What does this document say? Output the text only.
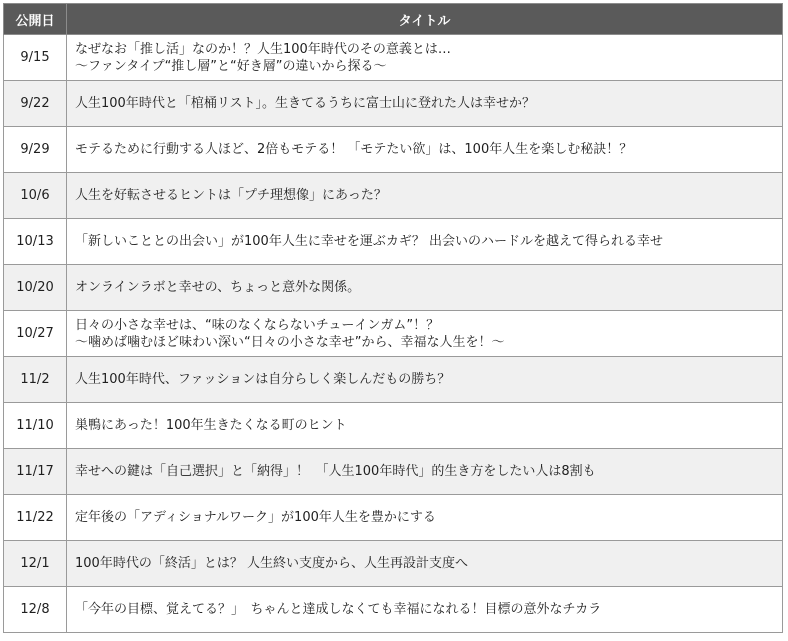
公開日	タイトル
9/15	なぜなお「推し活」なのか！？人生100年時代のその意義とは…
～ファンタイプ“推し層”と“好き層”の違いから探る～

9/22	人生100年時代と「棺桶リスト」。生きてるうちに富士山に登れた人は幸せか？

9/29	モテるために行動する人ほど、2倍もモテる！ 「モテたい欲」は、100年人生を楽しむ秘訣！？

10/6	人生を好転させるヒントは「プチ理想像」にあった？

10/13	「新しいこととの出会い」が100年人生に幸せを運ぶカギ？ 出会いのハードルを越えて得られる幸せ

10/20	オンラインラボと幸せの、ちょっと意外な関係。

10/27	日々の小さな幸せは、“味のなくならないチューインガム”！？
～噛めば噛むほど味わい深い“日々の小さな幸せ”から、幸福な人生を！～

11/2	人生100年時代、ファッションは自分らしく楽しんだもの勝ち？

11/10	巣鴨にあった！100年生きたくなる町のヒント

11/17	幸せへの鍵は「自己選択」と「納得」！　「人生100年時代」的生き方をしたい人は8割も

11/22	定年後の「アディショナルワーク」が100年人生を豊かにする

12/1	100年時代の「終活」とは？ 人生終い支度から、人生再設計支度へ

12/8	「今年の目標、覚えてる？」　ちゃんと達成しなくても幸福になれる！目標の意外なチカラ
